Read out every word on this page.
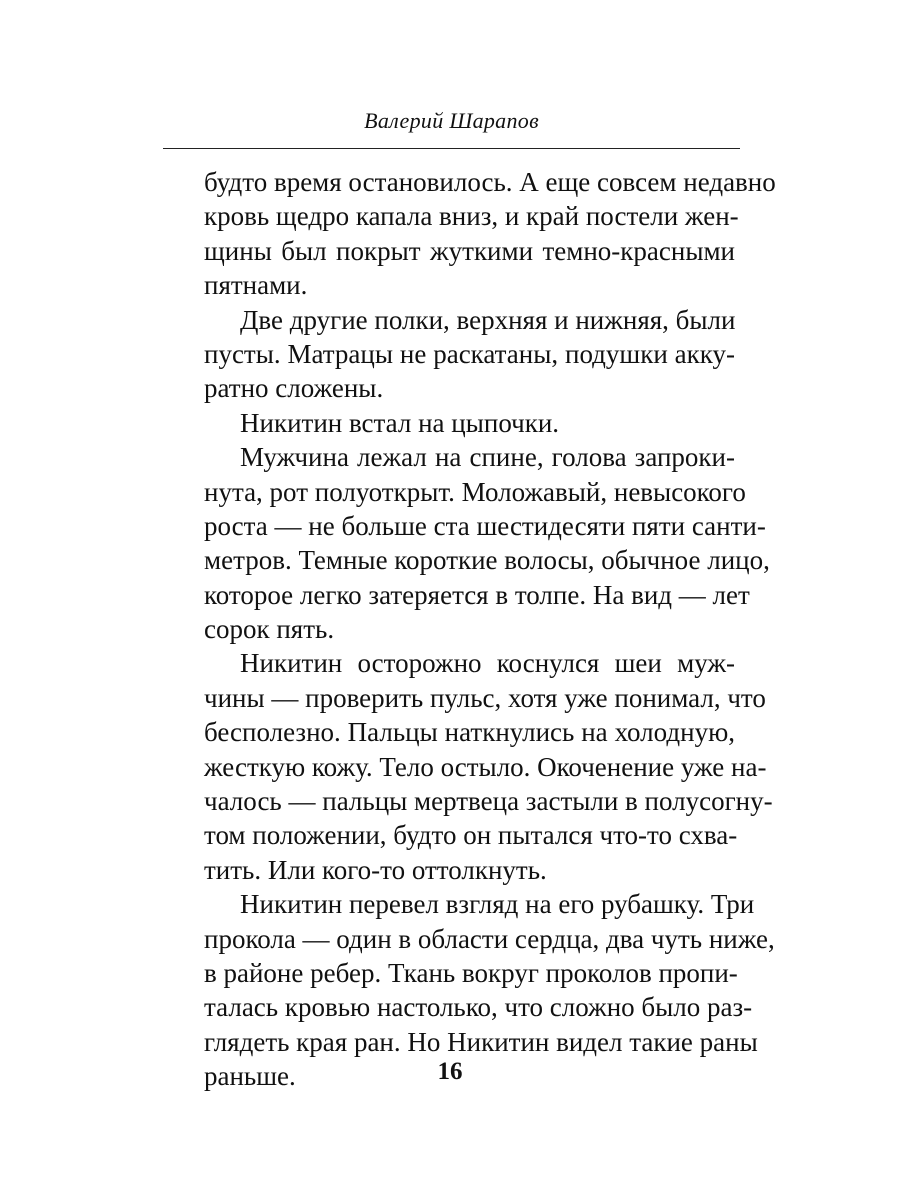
Валерий Шарапов
будто время остановилось. А еще совсем недавно
кровь щедро капала вниз, и край постели жен-
щины был покрыт жуткими темно-красными
пятнами.
Две другие полки, верхняя и нижняя, были
пусты. Матрацы не раскатаны, подушки акку-
ратно сложены.
Никитин встал на цыпочки.
Мужчина лежал на спине, голова запроки-
нута, рот полуоткрыт. Моложавый, невысокого
роста — не больше ста шестидесяти пяти санти-
метров. Темные короткие волосы, обычное лицо,
которое легко затеряется в толпе. На вид — лет
сорок пять.
Никитин осторожно коснулся шеи муж-
чины — проверить пульс, хотя уже понимал, что
бесполезно. Пальцы наткнулись на холодную,
жесткую кожу. Тело остыло. Окоченение уже на-
чалось — пальцы мертвеца застыли в полусогну-
том положении, будто он пытался что-то схва-
тить. Или кого-то оттолкнуть.
Никитин перевел взгляд на его рубашку. Три
прокола — один в области сердца, два чуть ниже,
в районе ребер. Ткань вокруг проколов пропи-
талась кровью настолько, что сложно было раз-
глядеть края ран. Но Никитин видел такие раны
раньше.	16
